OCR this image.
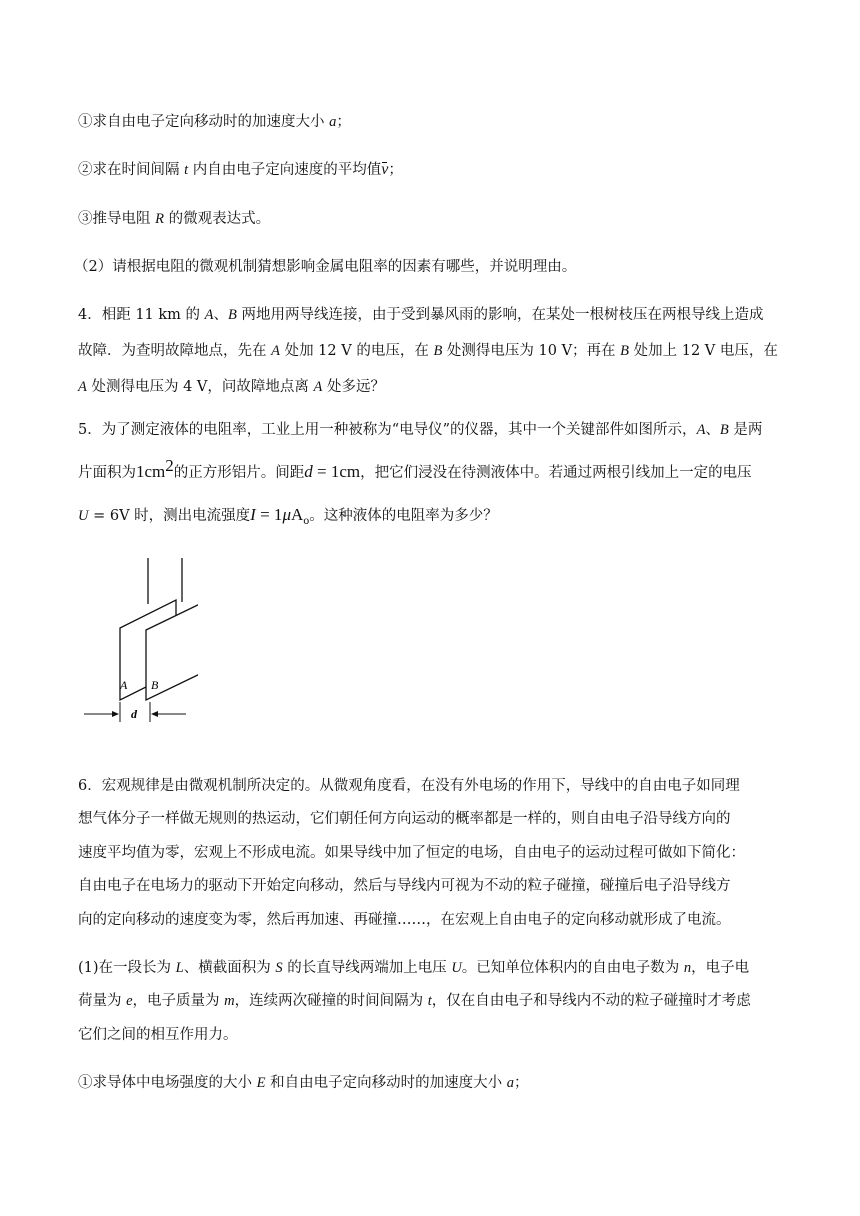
①求自由电子定向移动时的加速度大小 a；
②求在时间间隔 t 内自由电子定向速度的平均值v；
③推导电阻 R 的微观表达式。
（2）请根据电阻的微观机制猜想影响金属电阻率的因素有哪些，并说明理由。
4．相距 11 km 的 A、B 两地用两导线连接，由于受到暴风雨的影响，在某处一根树枝压在两根导线上造成
故障．为查明故障地点，先在 A 处加 12 V 的电压，在 B 处测得电压为 10 V；再在 B 处加上 12 V 电压，在
A 处测得电压为 4 V，问故障地点离 A 处多远？
5．为了测定液体的电阻率，工业上用一种被称为“电导仪”的仪器，其中一个关键部件如图所示，A、B 是两
片面积为$1cm^2$的正方形铝片。间距d = 1cm，把它们浸没在待测液体中。若通过两根引线加上一定的电压
U = 6V 时，测出电流强度$I = 1\mu A_o$。这种液体的电阻率为多少？
A B
d
6．宏观规律是由微观机制所决定的。从微观角度看，在没有外电场的作用下，导线中的自由电子如同理
想气体分子一样做无规则的热运动，它们朝任何方向运动的概率都是一样的，则自由电子沿导线方向的
速度平均值为零，宏观上不形成电流。如果导线中加了恒定的电场，自由电子的运动过程可做如下简化：
自由电子在电场力的驱动下开始定向移动，然后与导线内可视为不动的粒子碰撞，碰撞后电子沿导线方
向的定向移动的速度变为零，然后再加速、再碰撞……，在宏观上自由电子的定向移动就形成了电流。
(1)在一段长为 L、横截面积为 S 的长直导线两端加上电压 U。已知单位体积内的自由电子数为 n，电子电
荷量为 e，电子质量为 m，连续两次碰撞的时间间隔为 t，仅在自由电子和导线内不动的粒子碰撞时才考虑
它们之间的相互作用力。
①求导体中电场强度的大小 E 和自由电子定向移动时的加速度大小 a；
